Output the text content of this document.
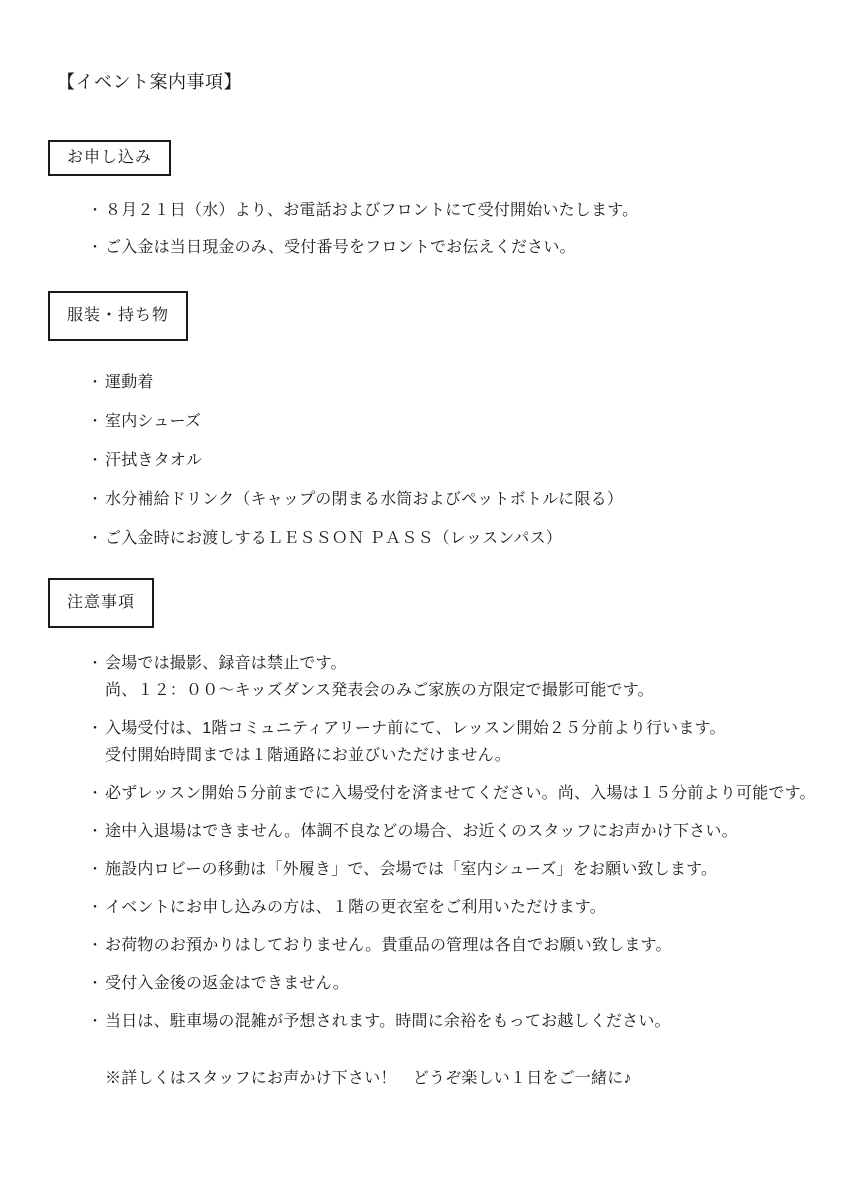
【イベント案内事項】
お申し込み
・ ８月２１日（水）より、お電話およびフロントにて受付開始いたします。
・ ご入金は当日現金のみ、受付番号をフロントでお伝えください。
服装・持ち物
・ 運動着
・ 室内シューズ
・ 汗拭きタオル
・ 水分補給ドリンク（キャップの閉まる水筒およびペットボトルに限る）
・ ご入金時にお渡しするＬＥＳＳＯＮ ＰＡＳＳ（レッスンパス）
注意事項
・ 会場では撮影、録音は禁止です。
尚、１２：００～キッズダンス発表会のみご家族の方限定で撮影可能です。
・ 入場受付は、1階コミュニティアリーナ前にて、レッスン開始２５分前より行います。
受付開始時間までは１階通路にお並びいただけません。
・ 必ずレッスン開始５分前までに入場受付を済ませてください。尚、入場は１５分前より可能です。
・ 途中入退場はできません。体調不良などの場合、お近くのスタッフにお声かけ下さい。
・ 施設内ロビーの移動は「外履き」で、会場では「室内シューズ」をお願い致します。
・ イベントにお申し込みの方は、１階の更衣室をご利用いただけます。
・ お荷物のお預かりはしておりません。貴重品の管理は各自でお願い致します。
・ 受付入金後の返金はできません。
・ 当日は、駐車場の混雑が予想されます。時間に余裕をもってお越しください。
※詳しくはスタッフにお声かけ下さい！　どうぞ楽しい１日をご一緒に♪
